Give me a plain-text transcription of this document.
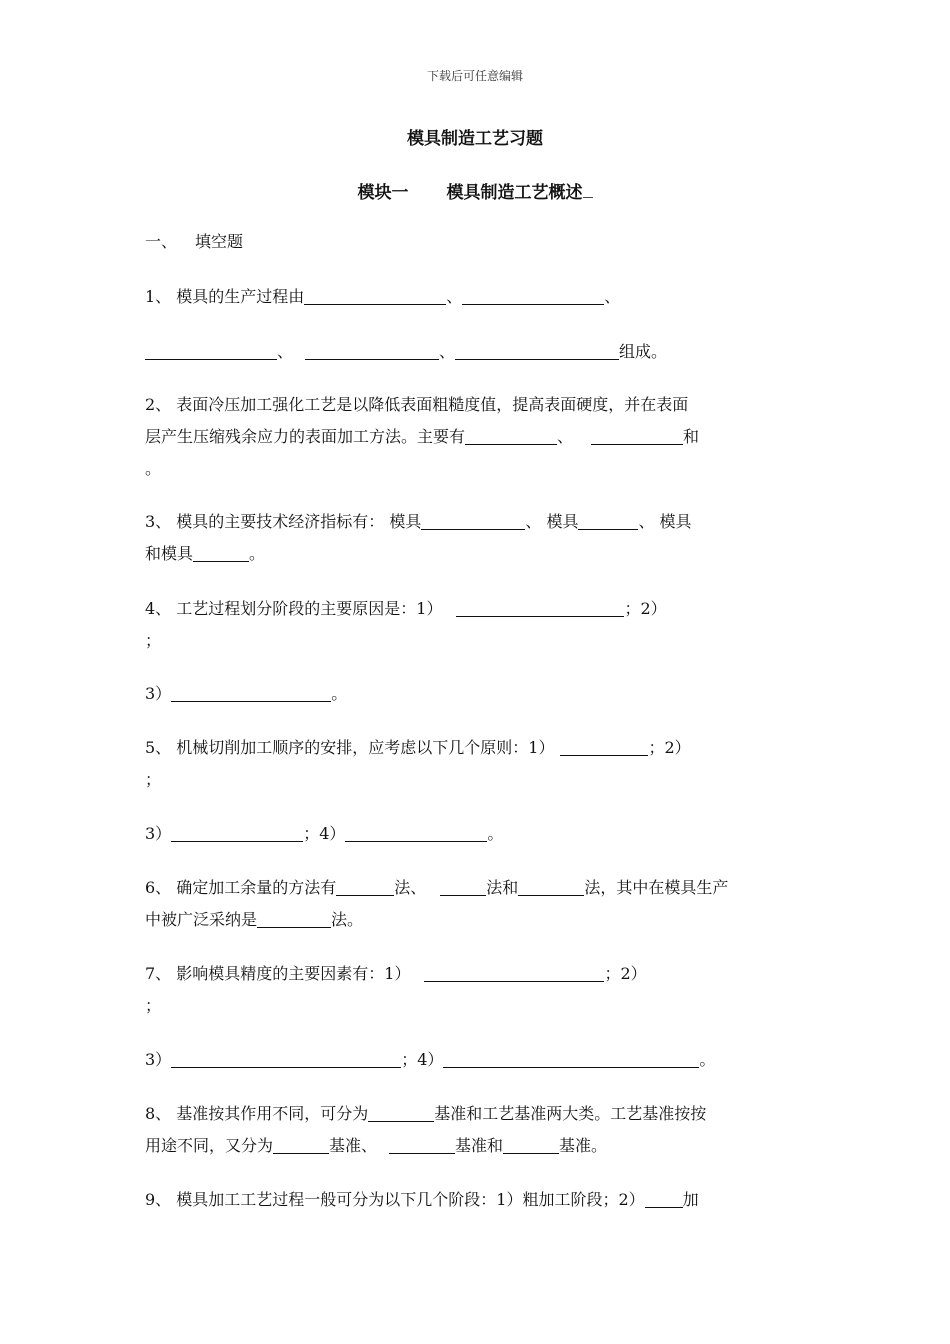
下载后可任意编辑
模具制造工艺习题
模块一 模具制造工艺概述
一、 填空题
1、 模具的生产过程由	、	、
、	、	组成。
2、 表面冷压加工强化工艺是以降低表面粗糙度值，提高表面硬度，并在表面
层产生压缩残余应力的表面加工方法。主要有	、	和
。
3、 模具的主要技术经济指标有： 模具	、 模具	、 模具
和模具	。
4、 工艺过程划分阶段的主要原因是：1）	；2）
；
3）	。
5、 机械切削加工顺序的安排，应考虑以下几个原则：1）	；2）
；
3）	；4）	。
6、 确定加工余量的方法有	法、	法和	法，其中在模具生产
中被广泛采纳是	法。
7、 影响模具精度的主要因素有：1）	；2）
；
3）	；4）	。
8、 基准按其作用不同，可分为	基准和工艺基准两大类。工艺基准按按
用途不同，又分为	基准、	基准和	基准。
9、 模具加工工艺过程一般可分为以下几个阶段：1）粗加工阶段；2） 加
